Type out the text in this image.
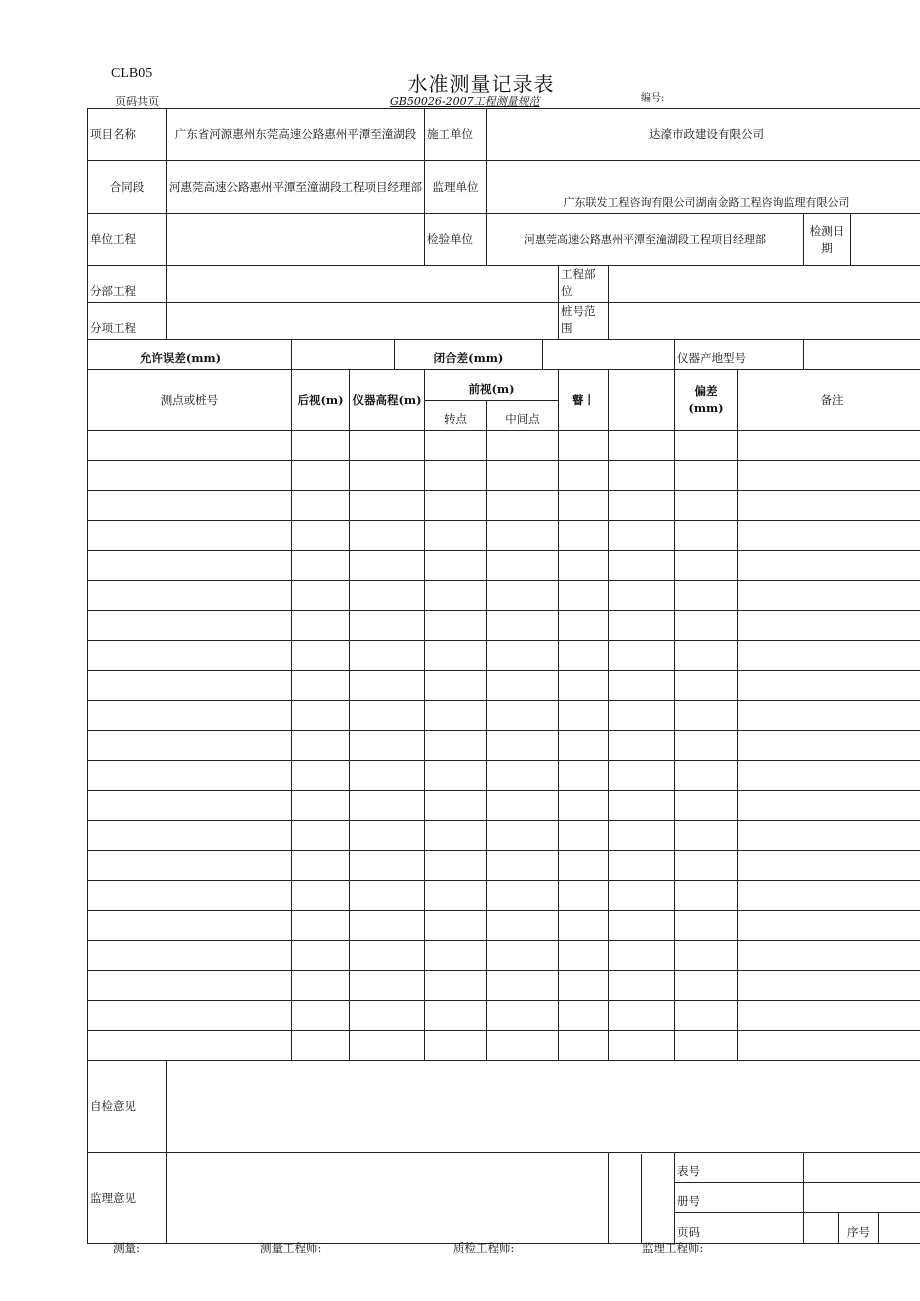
CLB05	水准测量记录表
页码共页	GB50026-2007工程测量规范	编号:
项目名称	广东省河源惠州东莞高速公路惠州平潭至潼湖段				施工单位	达濠市政建设有限公司									
合同段	河惠莞高速公路惠州平潭至潼湖段工程项目经理部				监理单位	广东联发工程咨询有限公司湖南金路工程咨询监理有限公司									
单位工程					检验单位	河惠莞高速公路惠州平潭至潼湖段工程项目经理部						检测日期			
分部工程								工程部位							
分项工程								桩号范围							
允许误差(mm)				闭合差(mm)						仪器产地型号					
测点或桩号		后视(m)	仪器高程(m)		前视(m)			瞽丨		偏差(mm)	备注				
					转点	中间点									

自检意见															
监理意见										表号					
										册号					
										页码			序号		
测量:	测量工程师:	质检工程师:	监理工程师:
